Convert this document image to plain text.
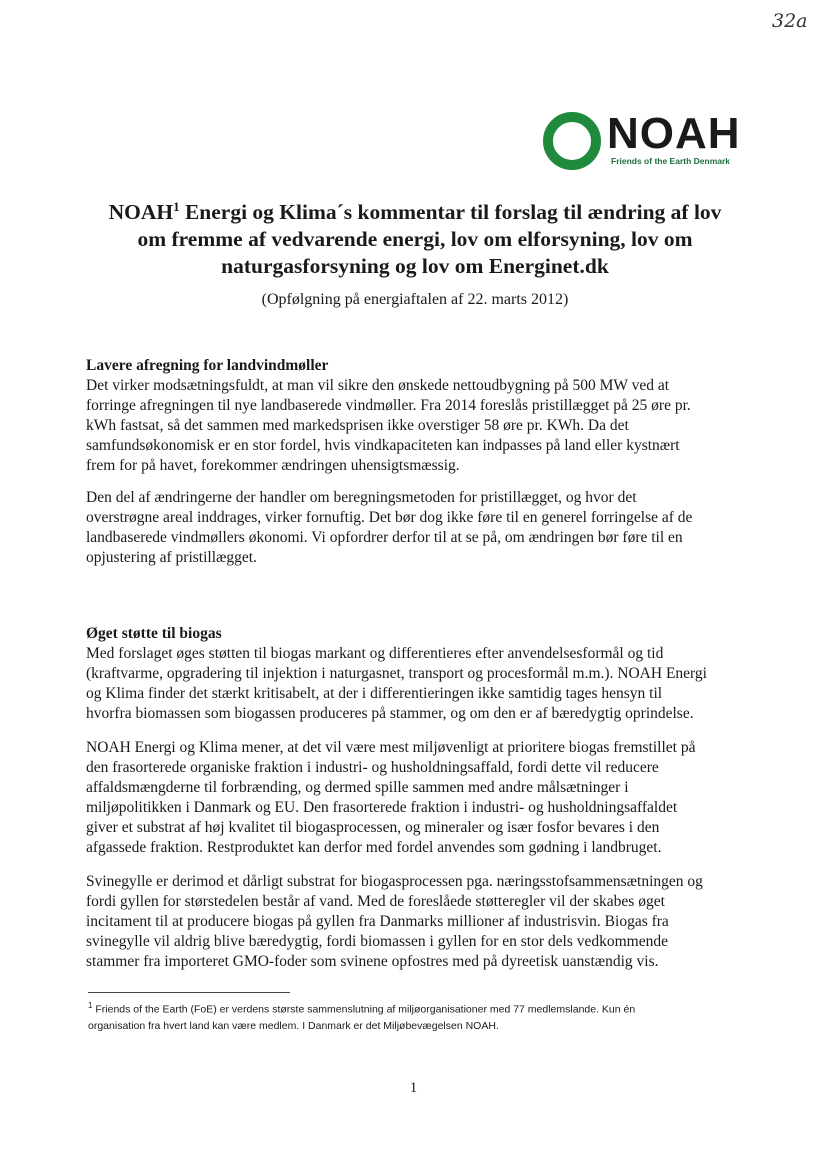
32a
NOAH
Friends of the Earth Denmark
NOAH$^1$ Energi og Klima´s kommentar til forslag til ændring af lov
om fremme af vedvarende energi, lov om elforsyning, lov om
naturgasforsyning og lov om Energinet.dk
(Opfølgning på energiaftalen af 22. marts 2012)
Lavere afregning for landvindmøller
Det virker modsætningsfuldt, at man vil sikre den ønskede nettoudbygning på 500 MW ved at
forringe afregningen til nye landbaserede vindmøller. Fra 2014 foreslås pristillægget på 25 øre pr.
kWh fastsat, så det sammen med markedsprisen ikke overstiger 58 øre pr. KWh. Da det
samfundsøkonomisk er en stor fordel, hvis vindkapaciteten kan indpasses på land eller kystnært
frem for på havet, forekommer ændringen uhensigtsmæssig.
Den del af ændringerne der handler om beregningsmetoden for pristillægget, og hvor det
overstrøgne areal inddrages, virker fornuftig. Det bør dog ikke føre til en generel forringelse af de
landbaserede vindmøllers økonomi. Vi opfordrer derfor til at se på, om ændringen bør føre til en
opjustering af pristillægget.
Øget støtte til biogas
Med forslaget øges støtten til biogas markant og differentieres efter anvendelsesformål og tid
(kraftvarme, opgradering til injektion i naturgasnet, transport og procesformål m.m.). NOAH Energi
og Klima finder det stærkt kritisabelt, at der i differentieringen ikke samtidig tages hensyn til
hvorfra biomassen som biogassen produceres på stammer, og om den er af bæredygtig oprindelse.
NOAH Energi og Klima mener, at det vil være mest miljøvenligt at prioritere biogas fremstillet på
den frasorterede organiske fraktion i industri- og husholdningsaffald, fordi dette vil reducere
affaldsmængderne til forbrænding, og dermed spille sammen med andre målsætninger i
miljøpolitikken i Danmark og EU. Den frasorterede fraktion i industri- og husholdningsaffaldet
giver et substrat af høj kvalitet til biogasprocessen, og mineraler og især fosfor bevares i den
afgassede fraktion. Restproduktet kan derfor med fordel anvendes som gødning i landbruget.
Svinegylle er derimod et dårligt substrat for biogasprocessen pga. næringsstofsammensætningen og
fordi gyllen for størstedelen består af vand. Med de foreslåede støtteregler vil der skabes øget
incitament til at producere biogas på gyllen fra Danmarks millioner af industrisvin. Biogas fra
svinegylle vil aldrig blive bæredygtig, fordi biomassen i gyllen for en stor dels vedkommende
stammer fra importeret GMO-foder som svinene opfostres med på dyreetisk uanstændig vis.
$^1$ Friends of the Earth (FoE) er verdens største sammenslutning af miljøorganisationer med 77 medlemslande. Kun én
organisation fra hvert land kan være medlem. I Danmark er det Miljøbevægelsen NOAH.
1
